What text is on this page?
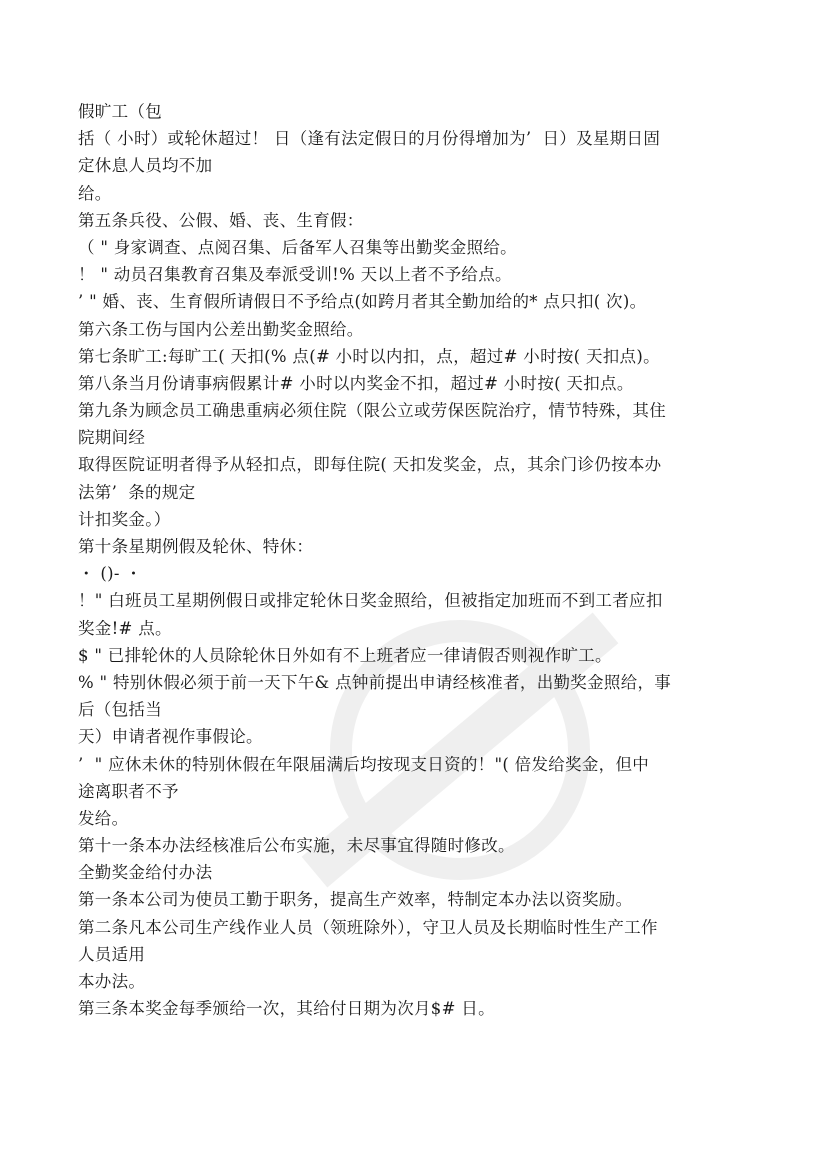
假旷工（包
括（ 小时）或轮休超过！ 日（逢有法定假日的月份得增加为’  日）及星期日固
定休息人员均不加
给。
第五条兵役、公假、婚、丧、生育假：
（ " 身家调查、点阅召集、后备军人召集等出勤奖金照给。
！ " 动员召集教育召集及奉派受训!% 天以上者不予给点。
’ " 婚、丧、生育假所请假日不予给点(如跨月者其全勤加给的* 点只扣( 次)。
第六条工伤与国内公差出勤奖金照给。
第七条旷工:每旷工( 天扣(% 点(# 小时以内扣，点，超过# 小时按( 天扣点)。
第八条当月份请事病假累计# 小时以内奖金不扣，超过# 小时按( 天扣点。
第九条为顾念员工确患重病必须住院（限公立或劳保医院治疗，情节特殊，其住
院期间经
取得医院证明者得予从轻扣点，即每住院( 天扣发奖金，点，其余门诊仍按本办
法第’  条的规定
计扣奖金。）
第十条星期例假及轮休、特休：
・ ()- ・
！" 白班员工星期例假日或排定轮休日奖金照给，但被指定加班而不到工者应扣
奖金!# 点。
$ " 已排轮休的人员除轮休日外如有不上班者应一律请假否则视作旷工。
% " 特别休假必须于前一天下午& 点钟前提出申请经核准者，出勤奖金照给，事
后（包括当
天）申请者视作事假论。
’  " 应休未休的特别休假在年限届满后均按现支日资的！"( 倍发给奖金，但中
途离职者不予
发给。
第十一条本办法经核准后公布实施，未尽事宜得随时修改。
全勤奖金给付办法
第一条本公司为使员工勤于职务，提高生产效率，特制定本办法以资奖励。
第二条凡本公司生产线作业人员（领班除外），守卫人员及长期临时性生产工作
人员适用
本办法。
第三条本奖金每季颁给一次，其给付日期为次月$# 日。
